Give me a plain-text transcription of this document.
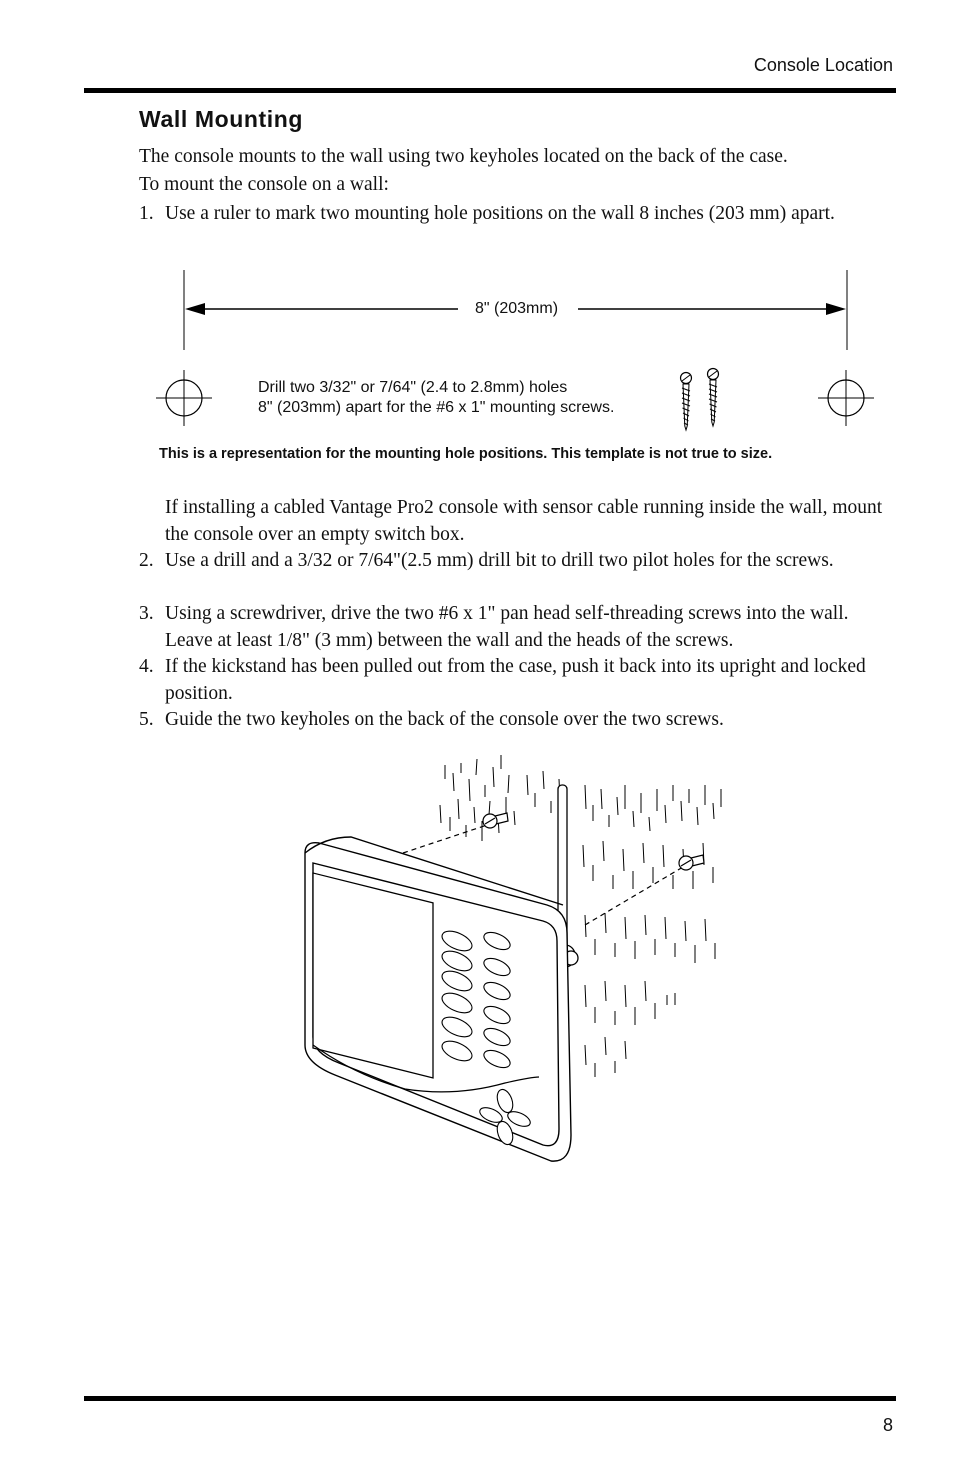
Console Location
Wall Mounting

The console mounts to the wall using two keyholes located on the back of the case.

To mount the console on a wall:

1. Use a ruler to mark two mounting hole positions on the wall 8 inches (203 mm) apart.
8" (203mm)
Drill two 3/32" or 7/64" (2.4 to 2.8mm) holes
8" (203mm) apart for the #6 x 1" mounting screws.
This is a representation for the mounting hole positions. This template is not true to size.
If installing a cabled Vantage Pro2 console with sensor cable running inside the wall, mount the console over an empty switch box.
2. Use a drill and a 3/32 or 7/64"(2.5 mm) drill bit to drill two pilot holes for the screws.
3. Using a screwdriver, drive the two #6 x 1" pan head self-threading screws into the wall. Leave at least 1/8" (3 mm) between the wall and the heads of the screws.
4. If the kickstand has been pulled out from the case, push it back into its upright and locked position.
5. Guide the two keyholes on the back of the console over the two screws.
8
